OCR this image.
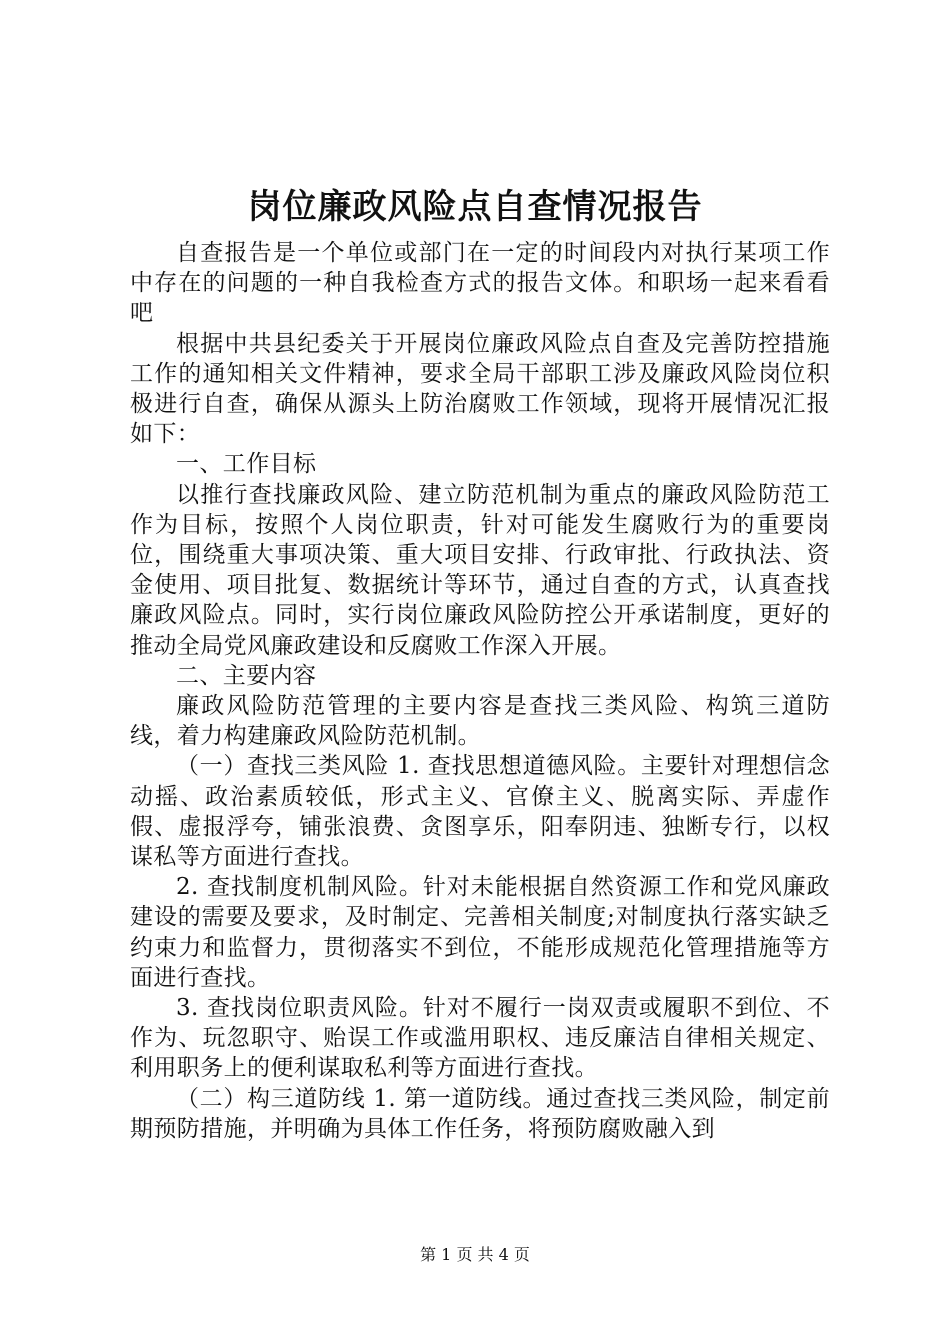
岗位廉政风险点自查情况报告

自查报告是一个单位或部门在一定的时间段内对执行某项工作中存在的问题的一种自我检查方式的报告文体。和职场一起来看看吧

根据中共县纪委关于开展岗位廉政风险点自查及完善防控措施工作的通知相关文件精神，要求全局干部职工涉及廉政风险岗位积极进行自查，确保从源头上防治腐败工作领域，现将开展情况汇报如下：

一、工作目标

以推行查找廉政风险、建立防范机制为重点的廉政风险防范工作为目标，按照个人岗位职责，针对可能发生腐败行为的重要岗位，围绕重大事项决策、重大项目安排、行政审批、行政执法、资金使用、项目批复、数据统计等环节，通过自查的方式，认真查找廉政风险点。同时，实行岗位廉政风险防控公开承诺制度，更好的推动全局党风廉政建设和反腐败工作深入开展。

二、主要内容

廉政风险防范管理的主要内容是查找三类风险、构筑三道防线，着力构建廉政风险防范机制。

（一）查找三类风险 1. 查找思想道德风险。主要针对理想信念动摇、政治素质较低，形式主义、官僚主义、脱离实际、弄虚作假、虚报浮夸，铺张浪费、贪图享乐，阳奉阴违、独断专行，以权谋私等方面进行查找。

2. 查找制度机制风险。针对未能根据自然资源工作和党风廉政建设的需要及要求，及时制定、完善相关制度;对制度执行落实缺乏约束力和监督力，贯彻落实不到位，不能形成规范化管理措施等方面进行查找。

3. 查找岗位职责风险。针对不履行一岗双责或履职不到位、不作为、玩忽职守、贻误工作或滥用职权、违反廉洁自律相关规定、利用职务上的便利谋取私利等方面进行查找。

（二）构三道防线 1. 第一道防线。通过查找三类风险，制定前期预防措施，并明确为具体工作任务，将预防腐败融入到

第 1 页 共 4 页
